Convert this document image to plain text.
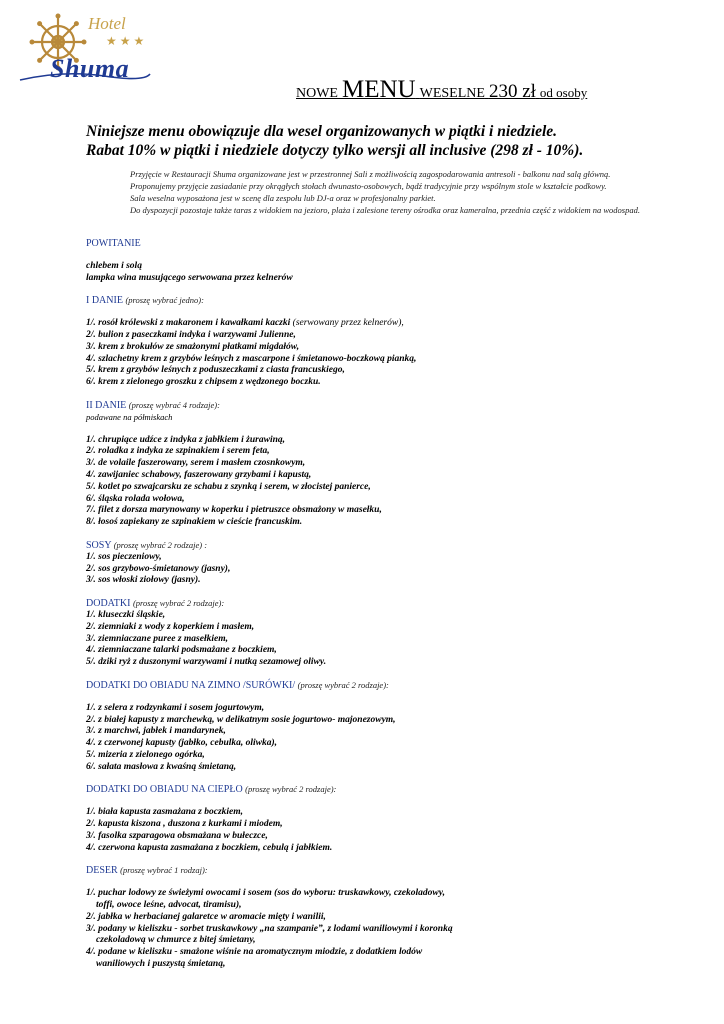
Hotel
★★★
Shuma
NOWE MENU WESELNE 230 zł od osoby
Niniejsze menu obowiązuje dla wesel organizowanych w piątki i niedziele.
Rabat 10% w piątki i niedziele dotyczy tylko wersji all inclusive (298 zł - 10%).

Przyjęcie w Restauracji Shuma organizowane jest w przestronnej Sali z możliwością zagospodarowania antresoli - balkonu nad salą główną.

Proponujemy przyjęcie zasiadanie przy okrągłych stołach dwunasto-osobowych, bądź tradycyjnie przy wspólnym stole w kształcie podkowy.

Sala weselna wyposażona jest w scenę dla zespołu lub DJ-a oraz w profesjonalny parkiet.

Do dyspozycji pozostaje także taras z widokiem na jezioro, plaża i zalesione tereny ośrodka oraz kameralna, przednia część z widokiem na wodospad.

POWITANIE
chlebem i solą
lampka wina musującego serwowana przez kelnerów
I DANIE (proszę wybrać jedno):
1/. rosół królewski z makaronem i kawałkami kaczki (serwowany przez kelnerów),
2/. bulion z paseczkami indyka i warzywami Julienne,
3/. krem z brokułów ze smażonymi płatkami migdałów,
4/. szlachetny krem z grzybów leśnych z mascarpone i śmietanowo-boczkową pianką,
5/. krem z grzybów leśnych z poduszeczkami z ciasta francuskiego,
6/. krem z zielonego groszku z chipsem z wędzonego boczku.
II DANIE (proszę wybrać 4 rodzaje):
podawane na półmiskach
1/. chrupiące udźce z indyka z jabłkiem i żurawiną,
2/. roladka z indyka ze szpinakiem i serem feta,
3/. de volaile faszerowany, serem i masłem czosnkowym,
4/. zawijaniec schabowy, faszerowany grzybami i kapustą,
5/. kotlet po szwajcarsku ze schabu z szynką i serem, w złocistej panierce,
6/. śląska rolada wołowa,
7/. filet z dorsza marynowany w koperku i pietruszce obsmażony w masełku,
8/. łosoś zapiekany ze szpinakiem w cieście francuskim.
SOSY (proszę wybrać 2 rodzaje) :
1/. sos pieczeniowy,
2/. sos grzybowo-śmietanowy (jasny),
3/. sos włoski ziołowy (jasny).
DODATKI (proszę wybrać 2 rodzaje):
1/. kluseczki śląskie,
2/. ziemniaki z wody z koperkiem i masłem,
3/. ziemniaczane puree z masełkiem,
4/. ziemniaczane talarki podsmażane z boczkiem,
5/. dziki ryż z duszonymi warzywami i nutką sezamowej oliwy.
DODATKI DO OBIADU NA ZIMNO /SURÓWKI/ (proszę wybrać 2 rodzaje):
1/. z selera z rodzynkami i sosem jogurtowym,
2/. z białej kapusty z marchewką, w delikatnym sosie jogurtowo- majonezowym,
3/. z marchwi, jabłek i mandarynek,
4/. z czerwonej kapusty (jabłko, cebulka, oliwka),
5/. mizeria z zielonego ogórka,
6/. sałata masłowa z kwaśną śmietaną,
DODATKI DO OBIADU NA CIEPŁO (proszę wybrać 2 rodzaje):
1/. biała kapusta zasmażana z boczkiem,
2/. kapusta kiszona , duszona z kurkami i miodem,
3/. fasolka szparagowa obsmażana w bułeczce,
4/. czerwona kapusta zasmażana z boczkiem, cebulą i jabłkiem.
DESER (proszę wybrać 1 rodzaj):
1/. puchar lodowy ze świeżymi owocami i sosem (sos do wyboru: truskawkowy, czekoladowy,
toffi, owoce leśne, advocat, tiramisu),
2/. jabłka w herbacianej galaretce w aromacie mięty i wanilii,
3/. podany w kieliszku - sorbet truskawkowy „na szampanie”, z lodami waniliowymi i koronką
czekoladową w chmurce z bitej śmietany,
4/. podane w kieliszku - smażone wiśnie na aromatycznym miodzie, z dodatkiem lodów
waniliowych i puszystą śmietaną,
